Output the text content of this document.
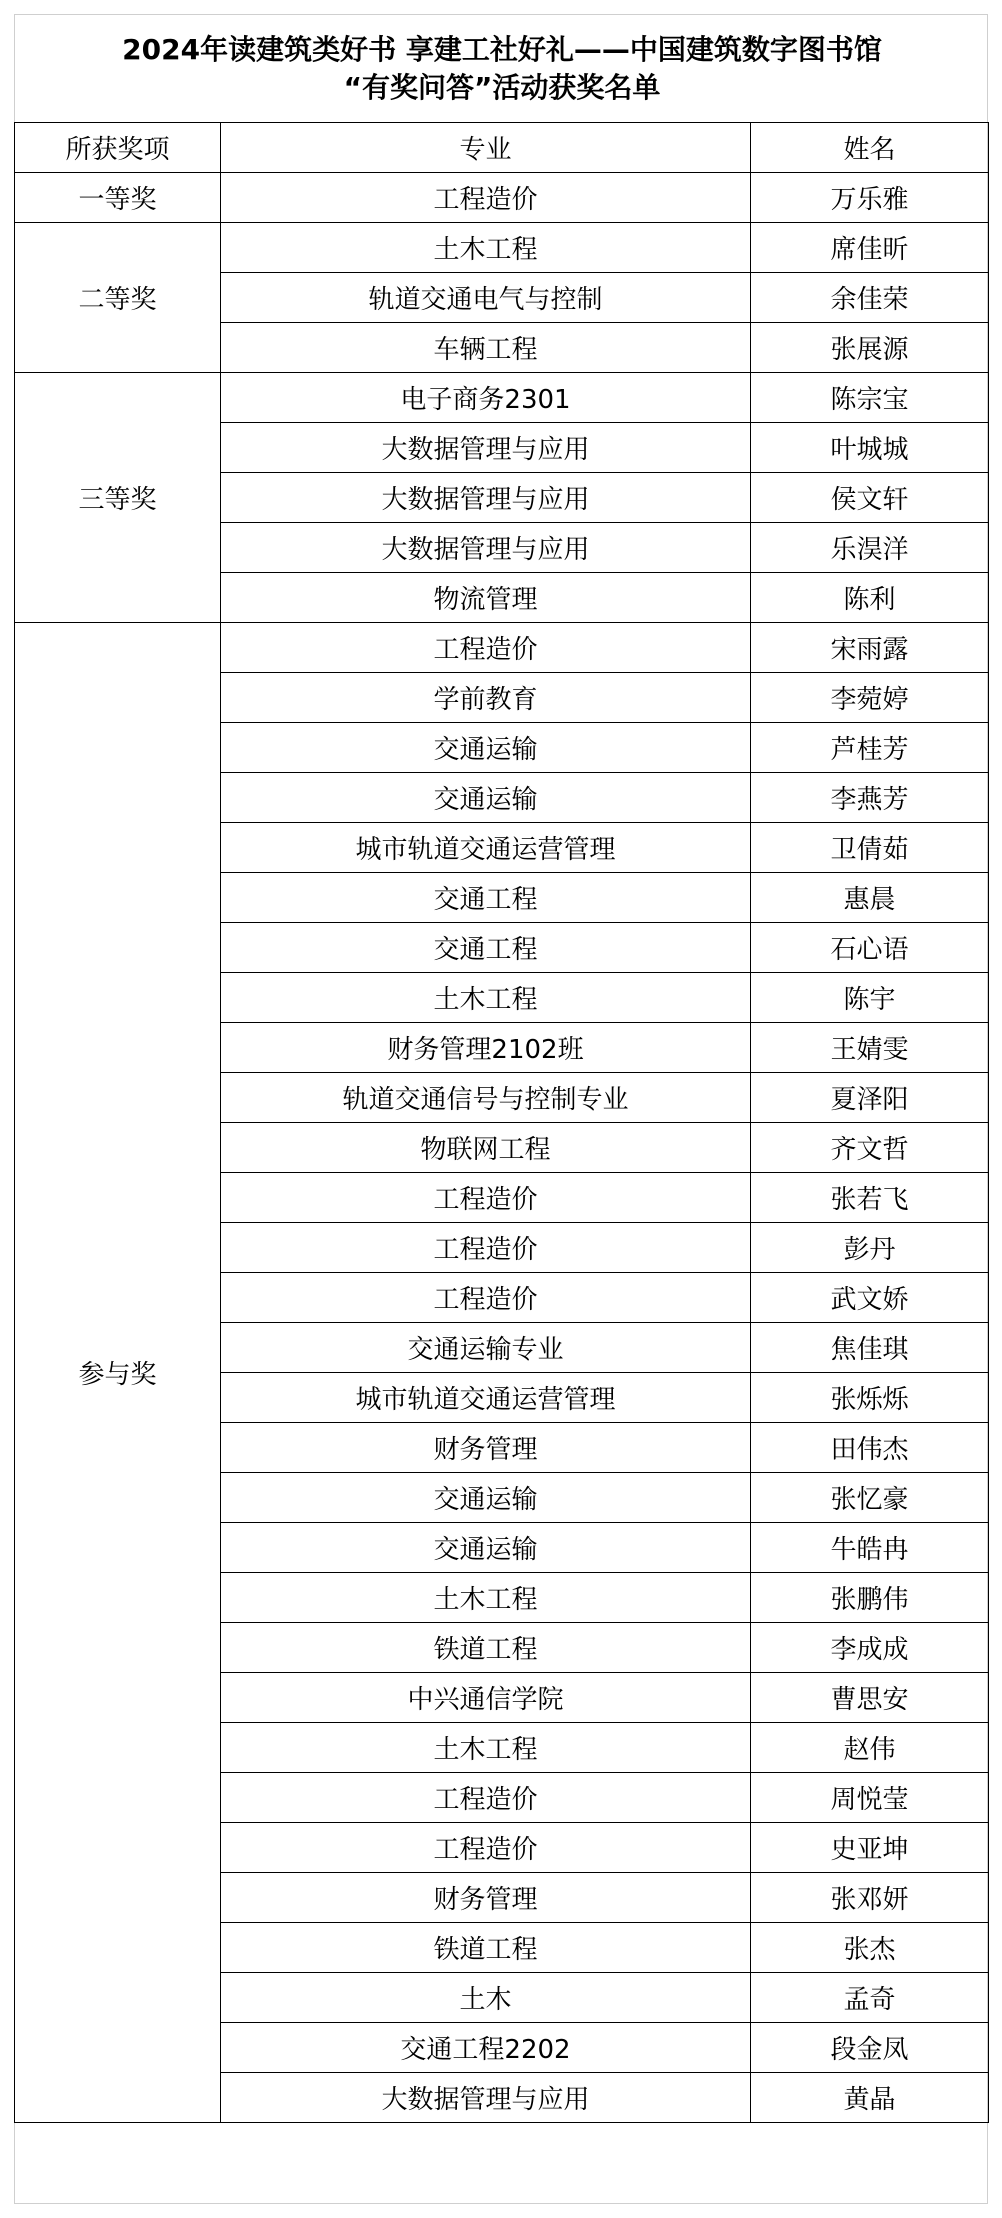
2024年读建筑类好书 享建工社好礼——中国建筑数字图书馆
“有奖问答”活动获奖名单
所获奖项	专业	姓名
一等奖	工程造价	万乐雅
二等奖	土木工程	席佳昕
	轨道交通电气与控制	余佳荣
	车辆工程	张展源
三等奖	电子商务2301	陈宗宝
	大数据管理与应用	叶城城
	大数据管理与应用	侯文轩
	大数据管理与应用	乐淏洋
	物流管理	陈利
参与奖	工程造价	宋雨露
	学前教育	李菀婷
	交通运输	芦桂芳
	交通运输	李燕芳
	城市轨道交通运营管理	卫倩茹
	交通工程	惠晨
	交通工程	石心语
	土木工程	陈宇
	财务管理2102班	王婧雯
	轨道交通信号与控制专业	夏泽阳
	物联网工程	齐文哲
	工程造价	张若飞
	工程造价	彭丹
	工程造价	武文娇
	交通运输专业	焦佳琪
	城市轨道交通运营管理	张烁烁
	财务管理	田伟杰
	交通运输	张忆豪
	交通运输	牛皓冉
	土木工程	张鹏伟
	铁道工程	李成成
	中兴通信学院	曹思安
	土木工程	赵伟
	工程造价	周悦莹
	工程造价	史亚坤
	财务管理	张邓妍
	铁道工程	张杰
	土木	孟奇
	交通工程2202	段金凤
	大数据管理与应用	黄晶
